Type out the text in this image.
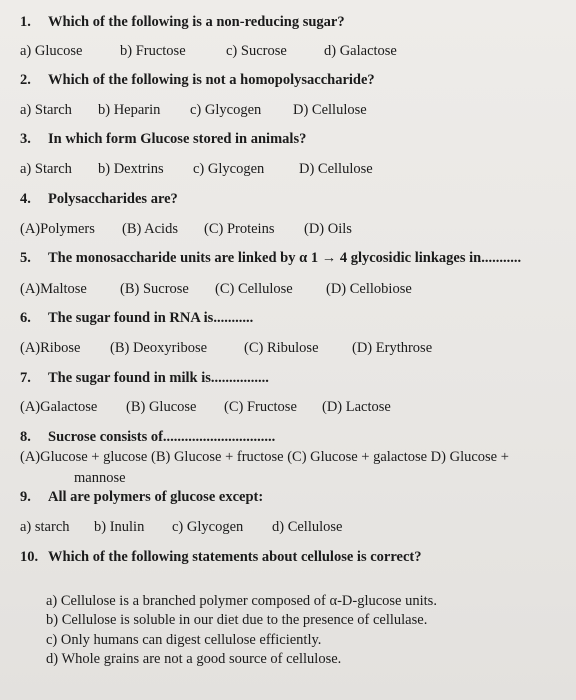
1. Which of the following is a non-reducing sugar?
a) Glucose	b) Fructose	c) Sucrose	d) Galactose
2. Which of the following is not a homopolysaccharide?
a) Starch b) Heparin c) Glycogen D) Cellulose
3. In which form Glucose stored in animals?
a) Starch b) Dextrins c) Glycogen D) Cellulose
4. Polysaccharides are?
(A)Polymers (B) Acids (C) Proteins (D) Oils
5. The monosaccharide units are linked by α 1 → 4 glycosidic linkages in...........
(A)Maltose (B) Sucrose (C) Cellulose (D) Cellobiose
6. The sugar found in RNA is...........
(A)Ribose (B) Deoxyribose	(C) Ribulose (D) Erythrose
7. The sugar found in milk is................
(A)Galactose (B) Glucose (C) Fructose (D) Lactose
8. Sucrose consists of...............................
(A)Glucose + glucose (B) Glucose + fructose (C) Glucose + galactose D) Glucose +
mannose
9. All are polymers of glucose except:
a) starch b) Inulin c) Glycogen d) Cellulose
10. Which of the following statements about cellulose is correct?
a) Cellulose is a branched polymer composed of α-D-glucose units.
b) Cellulose is soluble in our diet due to the presence of cellulase.
c) Only humans can digest cellulose efficiently.
d) Whole grains are not a good source of cellulose.
